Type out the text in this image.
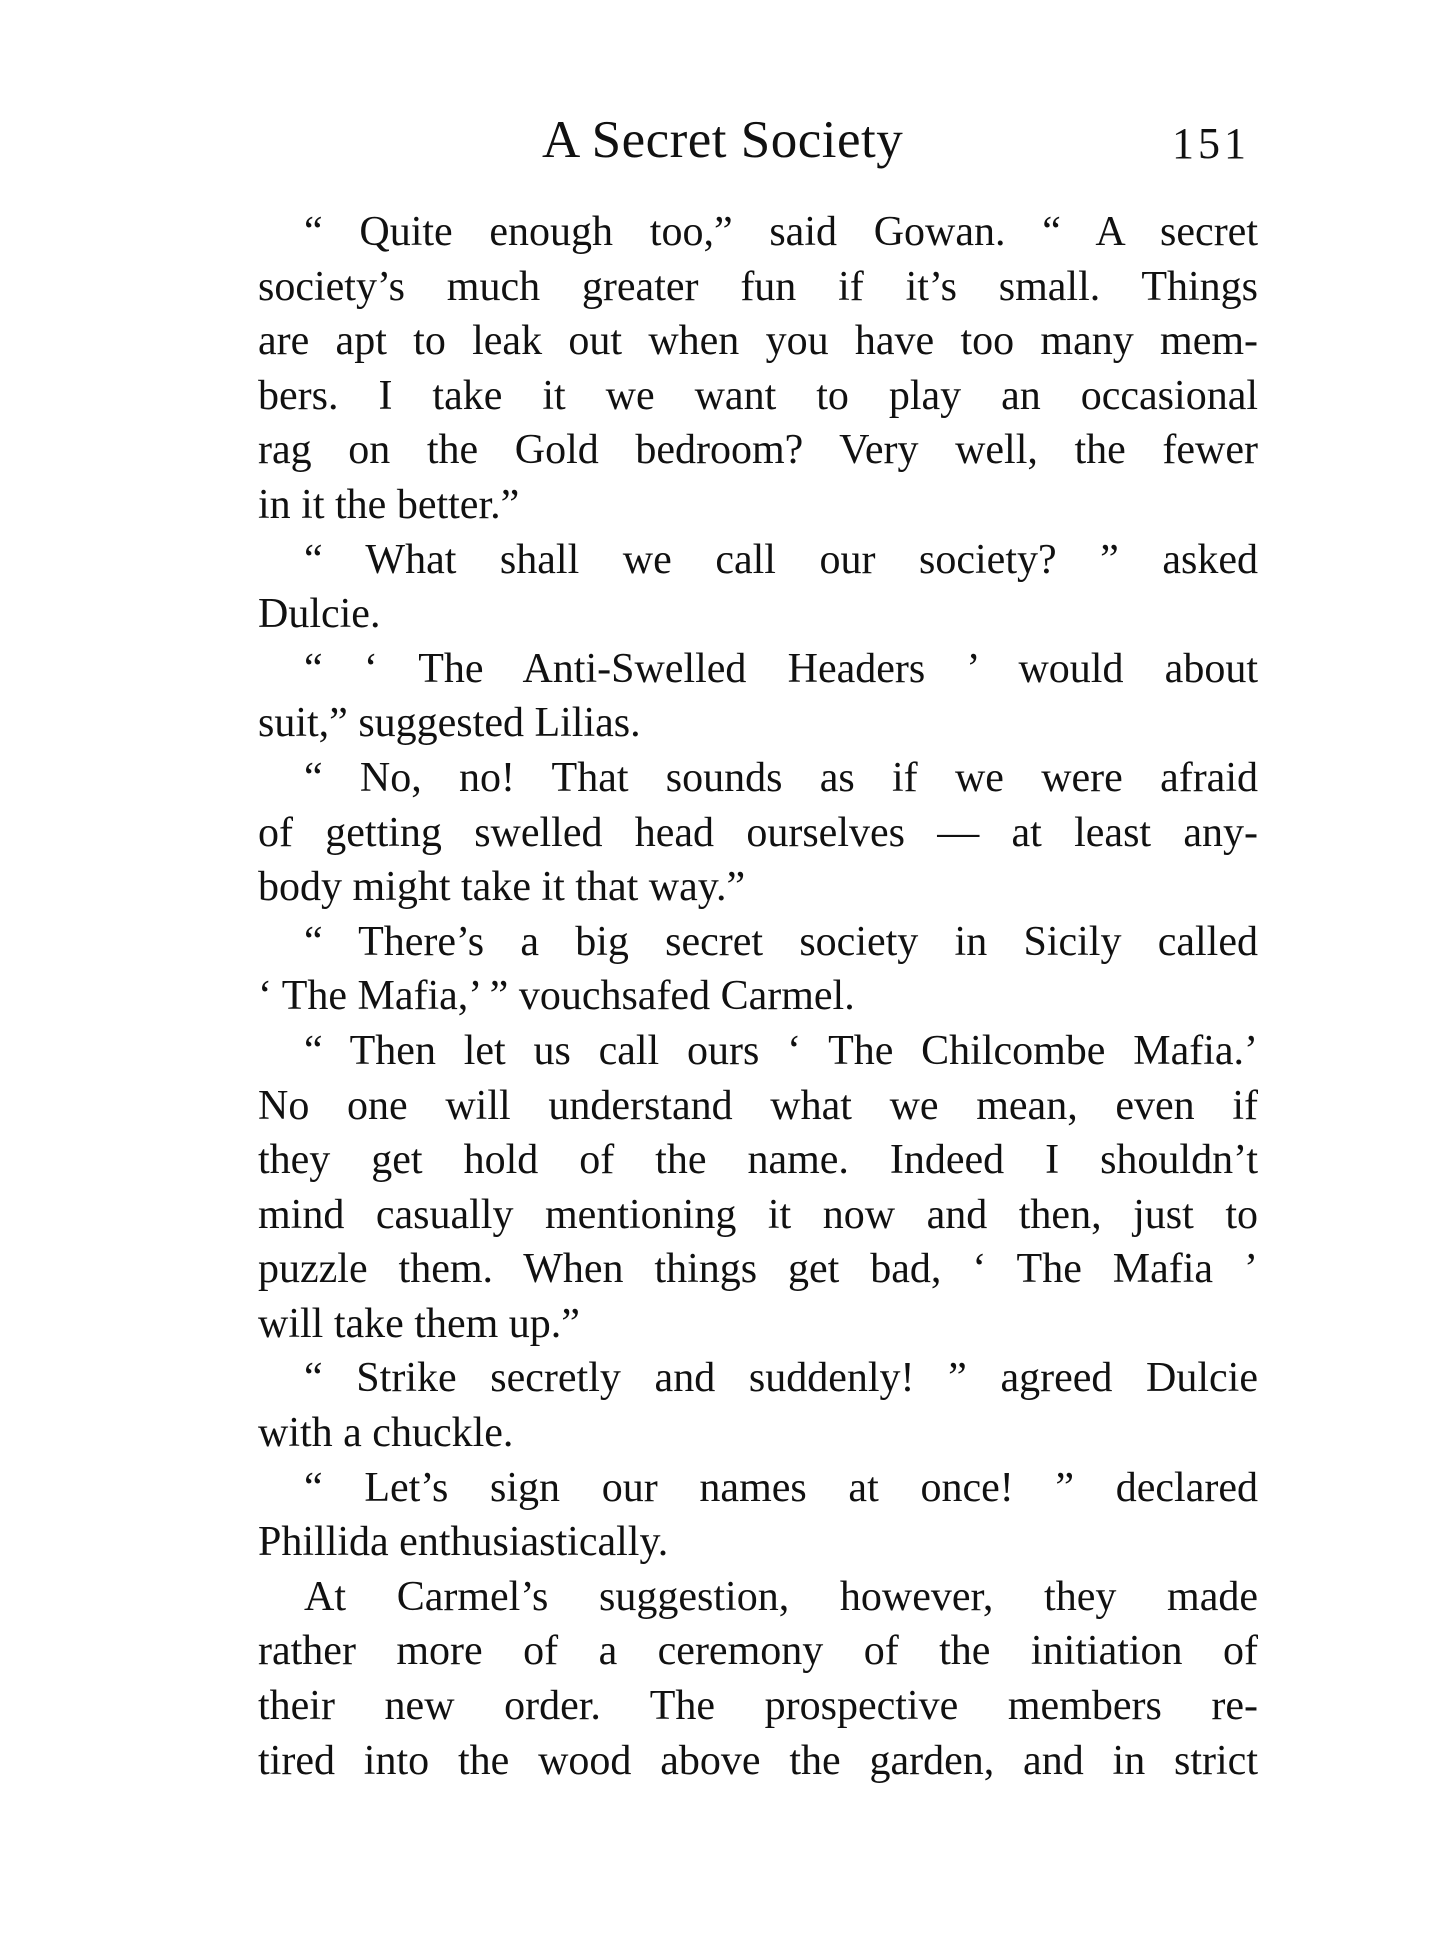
A Secret Society	151
“ Quite enough too,” said Gowan. “ A secret
society’s much greater fun if it’s small. Things
are apt to leak out when you have too many mem-
bers. I take it we want to play an occasional
rag on the Gold bedroom? Very well, the fewer
in it the better.”
“ What shall we call our society? ” asked
Dulcie.
“ ‘ The Anti-Swelled Headers ’ would about
suit,” suggested Lilias.
“ No, no! That sounds as if we were afraid
of getting swelled head ourselves — at least any-
body might take it that way.”
“ There’s a big secret society in Sicily called
‘ The Mafia,’ ” vouchsafed Carmel.
“ Then let us call ours ‘ The Chilcombe Mafia.’
No one will understand what we mean, even if
they get hold of the name. Indeed I shouldn’t
mind casually mentioning it now and then, just to
puzzle them. When things get bad, ‘ The Mafia ’
will take them up.”
“ Strike secretly and suddenly! ” agreed Dulcie
with a chuckle.
“ Let’s sign our names at once! ” declared
Phillida enthusiastically.
At Carmel’s suggestion, however, they made
rather more of a ceremony of the initiation of
their new order. The prospective members re-
tired into the wood above the garden, and in strict
